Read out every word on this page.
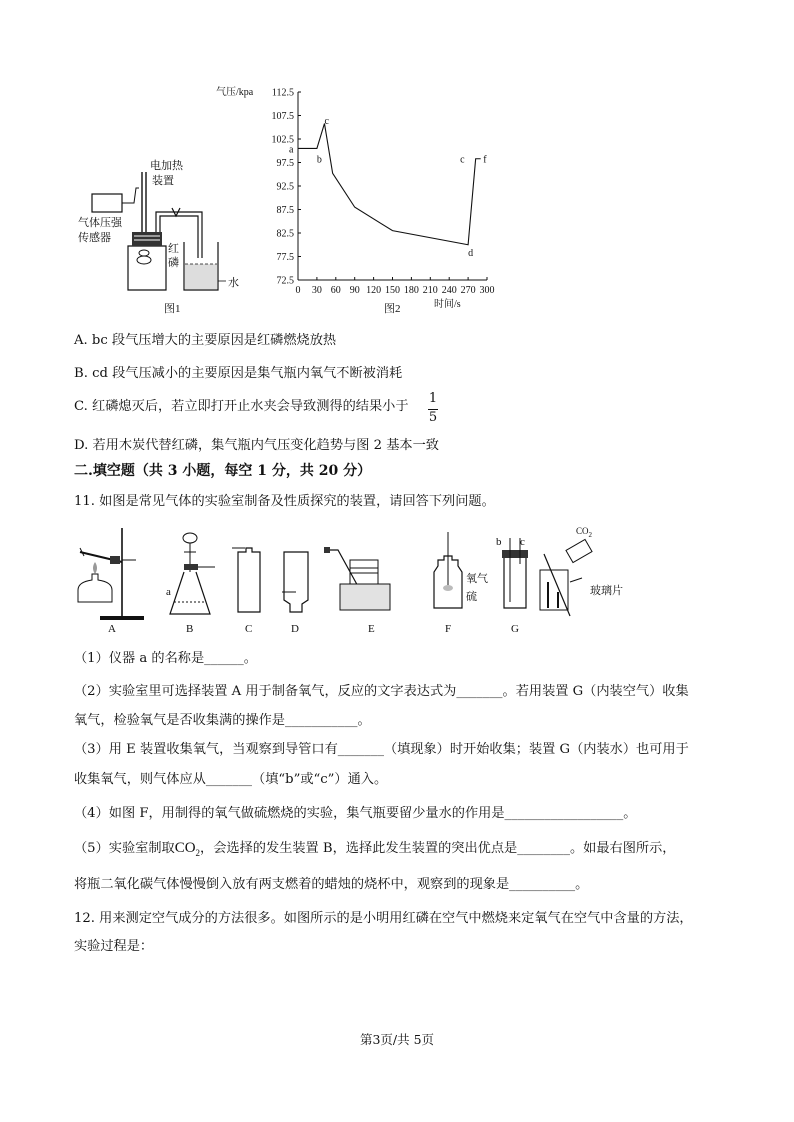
电加热
装置
气体压强
传感器
红
磷
水
图1
112.5
107.5
102.5
97.5
92.5
87.5
82.5
77.5
72.5
0 30 60 90 120 150 180 210 240 270 300
气压/kpa
时间/s
a
b
c
c
d
f
图2
A. bc 段气压增大的主要原因是红磷燃烧放热
B. cd 段气压减小的主要原因是集气瓶内氧气不断被消耗
C. 红磷熄灭后，若立即打开止水夹会导致测得的结果小于
1
5
D. 若用木炭代替红磷，集气瓶内气压变化趋势与图 2 基本一致
二.填空题（共 3 小题，每空 1 分，共 20 分）
11. 如图是常见气体的实验室制备及性质探究的装置，请回答下列问题。
A	B	C	D	E	F	G
a
b c
氧气
硫	玻璃片
$CO_2$
（1）仪器 a 的名称是______。
（2）实验室里可选择装置 A 用于制备氧气，反应的文字表达式为_______。若用装置 G（内装空气）收集
氧气，检验氧气是否收集满的操作是___________。
（3）用 E 装置收集氧气，当观察到导管口有_______（填现象）时开始收集；装置 G（内装水）也可用于
收集氧气，则气体应从_______（填“b”或“c”）通入。
（4）如图 F，用制得的氧气做硫燃烧的实验，集气瓶要留少量水的作用是__________________。
（5）实验室制取$CO_2$，会选择的发生装置 B，选择此发生装置的突出优点是________。如最右图所示，
将瓶二氧化碳气体慢慢倒入放有两支燃着的蜡烛的烧杯中，观察到的现象是__________。
12. 用来测定空气成分的方法很多。如图所示的是小明用红磷在空气中燃烧来定氧气在空气中含量的方法，
实验过程是：
第3页/共 5页
